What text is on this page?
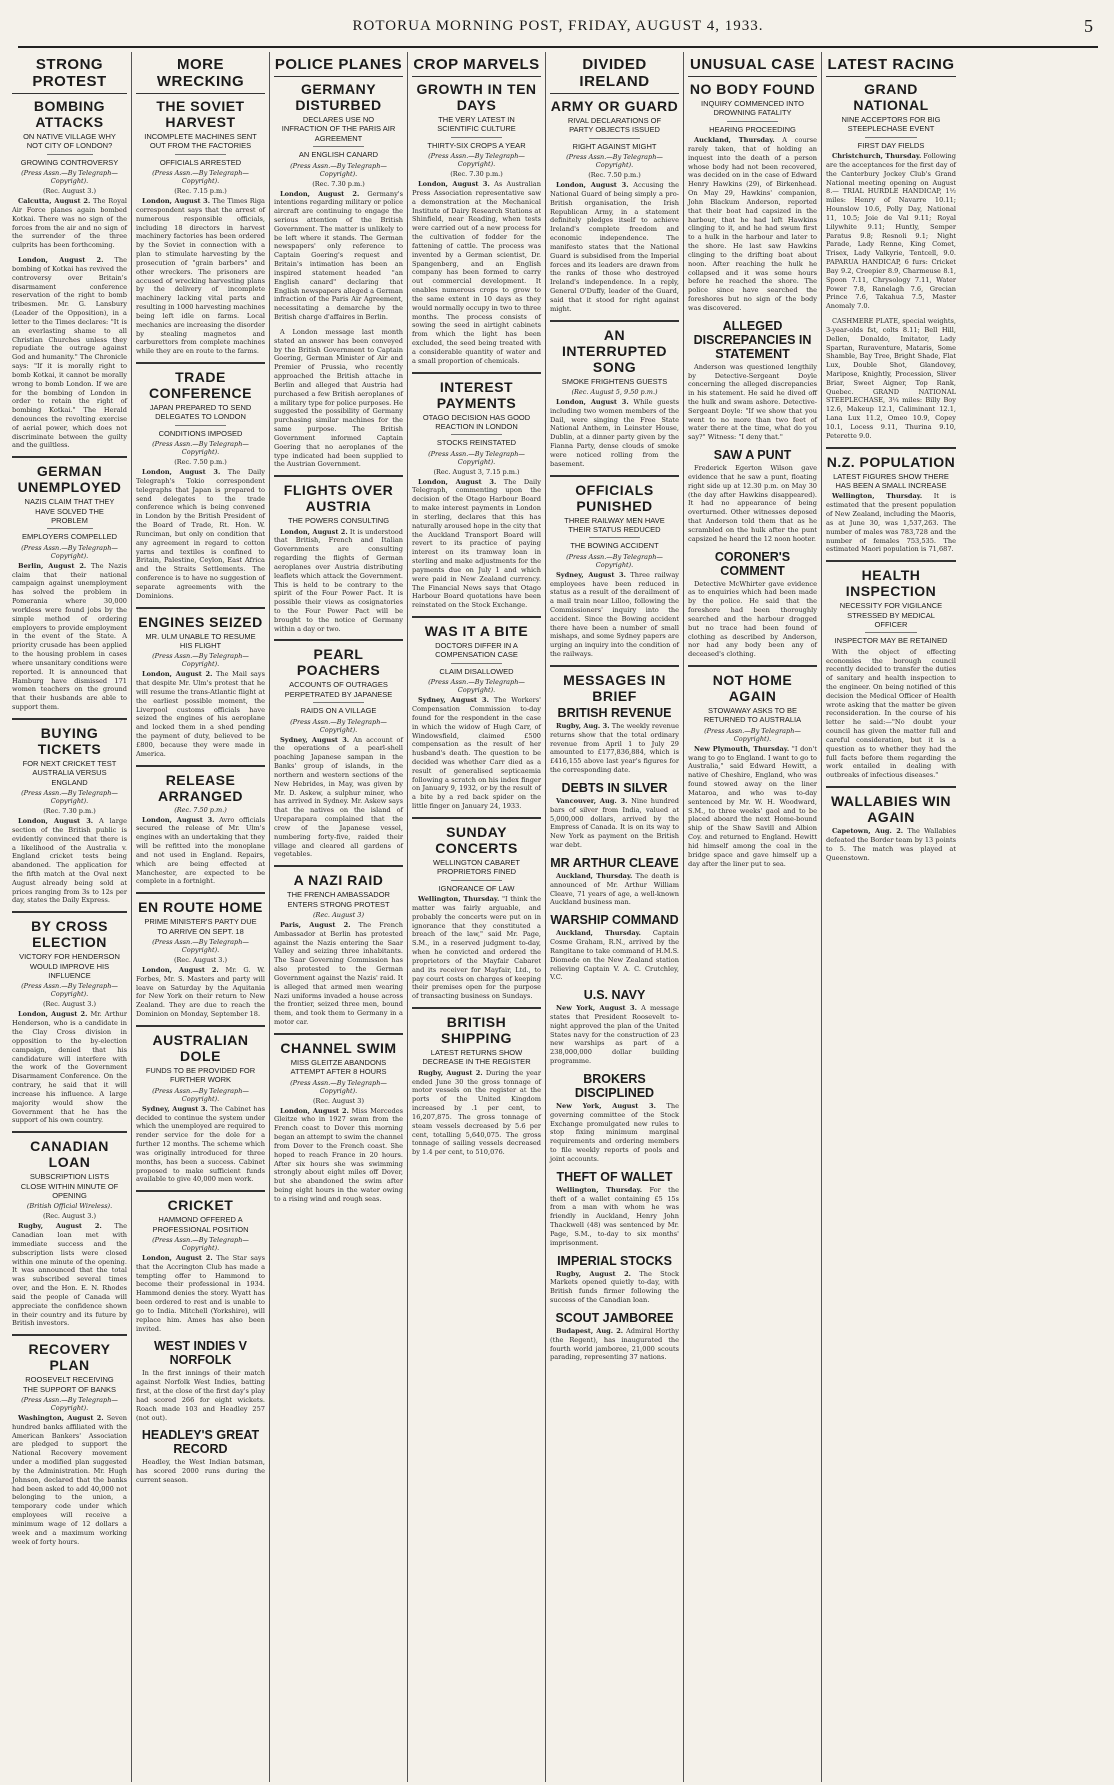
ROTORUA MORNING POST, FRIDAY, AUGUST 4, 1933.	5
STRONG PROTEST
BOMBING ATTACKS
ON NATIVE VILLAGE WHY NOT CITY OF LONDON?
GROWING CONTROVERSY
(Press Assn.—By Telegraph—Copyright).
(Rec. August 3.)

Calcutta, August 2. The Royal Air Force planes again bombed Kotkai. There was no sign of the forces from the air and no sign of the surrender of the three culprits has been forthcoming.

London, August 2. The bombing of Kotkai has revived the controversy over Britain's disarmament conference reservation of the right to bomb tribesmen. Mr. G. Lansbury (Leader of the Opposition), in a letter to the Times declares: "It is an everlasting shame to all Christian Churches unless they repudiate the outrage against God and humanity." The Chronicle says: "If it is morally right to bomb Kotkai, it cannot be morally wrong to bomb London. If we are for the bombing of London in order to retain the right of bombing Kotkai." The Herald denounces the revolting exercise of aerial power, which does not discriminate between the guilty and the guiltless.

GERMAN UNEMPLOYED
NAZIS CLAIM THAT THEY HAVE SOLVED THE PROBLEM
EMPLOYERS COMPELLED
(Press Assn.—By Telegraph—Copyright).

Berlin, August 2. The Nazis claim that their national campaign against unemployment has solved the problem in Pomerania where 30,000 workless were found jobs by the simple method of ordering employers to provide employment in the event of the State. A priority crusade has been applied to the housing problem in cases where unsanitary conditions were reported. It is announced that Hamburg have dismissed 171 women teachers on the ground that their husbands are able to support them.

BUYING TICKETS
FOR NEXT CRICKET TEST AUSTRALIA VERSUS ENGLAND
(Press Assn.—By Telegraph—Copyright).
(Rec. 7.30 p.m.)

London, August 3. A large section of the British public is evidently convinced that there is a likelihood of the Australia v. England cricket tests being abandoned. The application for the fifth match at the Oval next August already being sold at prices ranging from 3s to 12s per day, states the Daily Express.

BY CROSS ELECTION
VICTORY FOR HENDERSON WOULD IMPROVE HIS INFLUENCE
(Press Assn.—By Telegraph—Copyright).
(Rec. August 3.)

London, August 2. Mr. Arthur Henderson, who is a candidate in the Clay Cross division in opposition to the by-election campaign, denied that his candidature will interfere with the work of the Government Disarmament Conference. On the contrary, he said that it will increase his influence. A large majority would show the Government that he has the support of his own country.

CANADIAN LOAN
SUBSCRIPTION LISTS CLOSE WITHIN MINUTE OF OPENING
(British Official Wireless).
(Rec. August 3.)

Rugby, August 2. The Canadian loan met with immediate success and the subscription lists were closed within one minute of the opening. It was announced that the total was subscribed several times over, and the Hon. E. N. Rhodes said the people of Canada will appreciate the confidence shown in their country and its future by British investors.

RECOVERY PLAN
ROOSEVELT RECEIVING THE SUPPORT OF BANKS
(Press Assn.—By Telegraph—Copyright).

Washington, August 2. Seven hundred banks affiliated with the American Bankers' Association are pledged to support the National Recovery movement under a modified plan suggested by the Administration. Mr. Hugh Johnson, declared that the banks had been asked to add 40,000 not belonging to the union, a temporary code under which employees will receive a minimum wage of 12 dollars a week and a maximum working week of forty hours.

MORE WRECKING
THE SOVIET HARVEST
INCOMPLETE MACHINES SENT OUT FROM THE FACTORIES
OFFICIALS ARRESTED
(Press Assn.—By Telegraph—Copyright).
(Rec. 7.15 p.m.)

London, August 3. The Times Riga correspondent says that the arrest of numerous responsible officials, including 18 directors in harvest machinery factories has been ordered by the Soviet in connection with a plan to stimulate harvesting by the prosecution of "grain barbers" and other wreckers. The prisoners are accused of wrecking harvesting plans by the delivery of incomplete machinery lacking vital parts and resulting in 1000 harvesting machines being left idle on farms. Local mechanics are increasing the disorder by stealing magnetos and carburettors from complete machines while they are en route to the farms.

TRADE CONFERENCE
JAPAN PREPARED TO SEND DELEGATES TO LONDON
CONDITIONS IMPOSED
(Press Assn.—By Telegraph—Copyright).
(Rec. 7.50 p.m.)

London, August 3. The Daily Telegraph's Tokio correspondent telegraphs that Japan is prepared to send delegates to the trade conference which is being convened in London by the British President of the Board of Trade, Rt. Hon. W. Runciman, but only on condition that any agreement in regard to cotton yarns and textiles is confined to Britain, Palestine, Ceylon, East Africa and the Straits Settlements. The conference is to have no suggestion of separate agreements with the Dominions.

ENGINES SEIZED
MR. ULM UNABLE TO RESUME HIS FLIGHT
(Press Assn.—By Telegraph—Copyright).

London, August 2. The Mail says that despite Mr. Ulm's protest that he will resume the trans-Atlantic flight at the earliest possible moment, the Liverpool customs officials have seized the engines of his aeroplane and locked them in a shed pending the payment of duty, believed to be £800, because they were made in America.

RELEASE ARRANGED
(Rec. 7.50 p.m.)

London, August 3. Avro officials secured the release of Mr. Ulm's engines with an undertaking that they will be refitted into the monoplane and not used in England. Repairs, which are being effected at Manchester, are expected to be complete in a fortnight.

EN ROUTE HOME
PRIME MINISTER'S PARTY DUE TO ARRIVE ON SEPT. 18
(Press Assn.—By Telegraph—Copyright).
(Rec. August 3.)

London, August 2. Mr. G. W. Forbes, Mr. S. Masters and party will leave on Saturday by the Aquitania for New York on their return to New Zealand. They are due to reach the Dominion on Monday, September 18.

AUSTRALIAN DOLE
FUNDS TO BE PROVIDED FOR FURTHER WORK
(Press Assn.—By Telegraph—Copyright).

Sydney, August 3. The Cabinet has decided to continue the system under which the unemployed are required to render service for the dole for a further 12 months. The scheme which was originally introduced for three months, has been a success. Cabinet proposed to make sufficient funds available to give 40,000 men work.

CRICKET
HAMMOND OFFERED A PROFESSIONAL POSITION
(Press Assn.—By Telegraph—Copyright).

London, August 2. The Star says that the Accrington Club has made a tempting offer to Hammond to become their professional in 1934. Hammond denies the story. Wyatt has been ordered to rest and is unable to go to India. Mitchell (Yorkshire), will replace him. Ames has also been invited.

WEST INDIES V NORFOLK

In the first innings of their match against Norfolk West Indies, batting first, at the close of the first day's play had scored 266 for eight wickets. Roach made 103 and Headley 257 (not out).

HEADLEY'S GREAT RECORD

Headley, the West Indian batsman, has scored 2000 runs during the current season.

POLICE PLANES
GERMANY DISTURBED
DECLARES USE NO INFRACTION OF THE PARIS AIR AGREEMENT
AN ENGLISH CANARD
(Press Assn.—By Telegraph—Copyright).
(Rec. 7.30 p.m.)

London, August 2. Germany's intentions regarding military or police aircraft are continuing to engage the serious attention of the British Government. The matter is unlikely to be left where it stands. The German newspapers' only reference to Captain Goering's request and Britain's intimation has been an inspired statement headed "an English canard" declaring that English newspapers alleged a German infraction of the Paris Air Agreement, necessitating a demarche by the British charge d'affaires in Berlin.

A London message last month stated an answer has been conveyed by the British Government to Captain Goering, German Minister of Air and Premier of Prussia, who recently approached the British attache in Berlin and alleged that Austria had purchased a few British aeroplanes of a military type for police purposes. He suggested the possibility of Germany purchasing similar machines for the same purpose. The British Government informed Captain Goering that no aeroplanes of the type indicated had been supplied to the Austrian Government.

FLIGHTS OVER AUSTRIA
THE POWERS CONSULTING

London, August 2. It is understood that British, French and Italian Governments are consulting regarding the flights of German aeroplanes over Austria distributing leaflets which attack the Government. This is held to be contrary to the spirit of the Four Power Pact. It is possible their views as cosignatories to the Four Power Pact will be brought to the notice of Germany within a day or two.

PEARL POACHERS
ACCOUNTS OF OUTRAGES PERPETRATED BY JAPANESE
RAIDS ON A VILLAGE
(Press Assn.—By Telegraph—Copyright).

Sydney, August 3. An account of the operations of a pearl-shell poaching Japanese sampan in the Banks' group of islands, in the northern and western sections of the New Hebrides, in May, was given by Mr. D. Askew, a sulphur miner, who has arrived in Sydney. Mr. Askew says that the natives on the island of Ureparapara complained that the crew of the Japanese vessel, numbering forty-five, raided their village and cleared all gardens of vegetables.

A NAZI RAID
THE FRENCH AMBASSADOR ENTERS STRONG PROTEST
(Rec. August 3)

Paris, August 2. The French Ambassador at Berlin has protested against the Nazis entering the Saar Valley and seizing three inhabitants. The Saar Governing Commission has also protested to the German Government against the Nazis' raid. It is alleged that armed men wearing Nazi uniforms invaded a house across the frontier, seized three men, bound them, and took them to Germany in a motor car.

CHANNEL SWIM
MISS GLEITZE ABANDONS ATTEMPT AFTER 8 HOURS
(Press Assn.—By Telegraph—Copyright).
(Rec. August 3)

London, August 2. Miss Mercedes Gleitze who in 1927 swam from the French coast to Dover this morning began an attempt to swim the channel from Dover to the French coast. She hoped to reach France in 20 hours. After six hours she was swimming strongly about eight miles off Dover, but she abandoned the swim after being eight hours in the water owing to a rising wind and rough seas.

CROP MARVELS
GROWTH IN TEN DAYS
THE VERY LATEST IN SCIENTIFIC CULTURE
THIRTY-SIX CROPS A YEAR
(Press Assn.—By Telegraph—Copyright).
(Rec. 7.30 p.m.)

London, August 3. As Australian Press Association representative saw a demonstration at the Mechanical Institute of Dairy Research Stations at Shinfield, near Reading, when tests were carried out of a new process for the cultivation of fodder for the fattening of cattle. The process was invented by a German scientist, Dr. Spangenberg, and an English company has been formed to carry out commercial development. It enables numerous crops to grow to the same extent in 10 days as they would normally occupy in two to three months. The process consists of sowing the seed in airtight cabinets from which the light has been excluded, the seed being treated with a considerable quantity of water and a small proportion of chemicals.

INTEREST PAYMENTS
OTAGO DECISION HAS GOOD REACTION IN LONDON
STOCKS REINSTATED
(Press Assn.—By Telegraph—Copyright).
(Rec. August 3, 7.15 p.m.)

London, August 3. The Daily Telegraph, commenting upon the decision of the Otago Harbour Board to make interest payments in London in sterling, declares that this has naturally aroused hope in the city that the Auckland Transport Board will revert to its practice of paying interest on its tramway loan in sterling and make adjustments for the payments due on July 1 and which were paid in New Zealand currency. The Financial News says that Otago Harbour Board quotations have been reinstated on the Stock Exchange.

WAS IT A BITE
DOCTORS DIFFER IN A COMPENSATION CASE
CLAIM DISALLOWED
(Press Assn.—By Telegraph—Copyright).

Sydney, August 3. The Workers' Compensation Commission to-day found for the respondent in the case in which the widow of Hugh Carr, of Windowsfield, claimed £500 compensation as the result of her husband's death. The question to be decided was whether Carr died as a result of generalised septicaemia following a scratch on his index finger on January 9, 1932, or by the result of a bite by a red back spider on the little finger on January 24, 1933.

SUNDAY CONCERTS
WELLINGTON CABARET PROPRIETORS FINED
IGNORANCE OF LAW

Wellington, Thursday. "I think the matter was fairly arguable, and probably the concerts were put on in ignorance that they constituted a breach of the law," said Mr. Page, S.M., in a reserved judgment to-day, when he convicted and ordered the proprietors of the Mayfair Cabaret and its receiver for Mayfair, Ltd., to pay court costs on charges of keeping their premises open for the purpose of transacting business on Sundays.

BRITISH SHIPPING
LATEST RETURNS SHOW DECREASE IN THE REGISTER

Rugby, August 2. During the year ended June 30 the gross tonnage of motor vessels on the register at the ports of the United Kingdom increased by .1 per cent, to 16,207,875. The gross tonnage of steam vessels decreased by 5.6 per cent, totalling 5,640,075. The gross tonnage of sailing vessels decreased by 1.4 per cent, to 510,076.

DIVIDED IRELAND
ARMY OR GUARD
RIVAL DECLARATIONS OF PARTY OBJECTS ISSUED
RIGHT AGAINST MIGHT
(Press Assn.—By Telegraph—Copyright).
(Rec. 7.50 p.m.)

London, August 3. Accusing the National Guard of being simply a pro-British organisation, the Irish Republican Army, in a statement definitely pledges itself to achieve Ireland's complete freedom and economic independence. The manifesto states that the National Guard is subsidised from the Imperial forces and its leaders are drawn from the ranks of those who destroyed Ireland's independence. In a reply, General O'Duffy, leader of the Guard, said that it stood for right against might.

AN INTERRUPTED SONG
SMOKE FRIGHTENS GUESTS
(Rec. August 5, 9.50 p.m.)

London, August 3. While guests including two women members of the Dail, were singing the Free State National Anthem, in Leinster House, Dublin, at a dinner party given by the Fianna Party, dense clouds of smoke were noticed rolling from the basement.

OFFICIALS PUNISHED
THREE RAILWAY MEN HAVE THEIR STATUS REDUCED
THE BOWING ACCIDENT
(Press Assn.—By Telegraph—Copyright).

Sydney, August 3. Three railway employees have been reduced in status as a result of the derailment of a mail train near Lilloo, following the Commissioners' inquiry into the accident. Since the Bowing accident there have been a number of small mishaps, and some Sydney papers are urging an inquiry into the condition of the railways.

MESSAGES IN BRIEF
BRITISH REVENUE

Rugby, Aug. 3. The weekly revenue returns show that the total ordinary revenue from April 1 to July 29 amounted to £177,836,884, which is £416,155 above last year's figures for the corresponding date.

DEBTS IN SILVER

Vancouver, Aug. 3. Nine hundred bars of silver from India, valued at 5,000,000 dollars, arrived by the Empress of Canada. It is on its way to New York as payment on the British war debt.

MR ARTHUR CLEAVE

Auckland, Thursday. The death is announced of Mr. Arthur William Cleave, 71 years of age, a well-known Auckland business man.

WARSHIP COMMAND

Auckland, Thursday. Captain Cosme Graham, R.N., arrived by the Rangitane to take command of H.M.S. Diomede on the New Zealand station relieving Captain V. A. C. Crutchley, V.C.

U.S. NAVY

New York, August 3. A message states that President Roosevelt to-night approved the plan of the United States navy for the construction of 23 new warships as part of a 238,000,000 dollar building programme.

BROKERS DISCIPLINED

New York, August 3. The governing committee of the Stock Exchange promulgated new rules to stop fixing minimum marginal requirements and ordering members to file weekly reports of pools and joint accounts.

THEFT OF WALLET

Wellington, Thursday. For the theft of a wallet containing £5 15s from a man with whom he was friendly in Auckland, Henry John Thackwell (48) was sentenced by Mr. Page, S.M., to-day to six months' imprisonment.

IMPERIAL STOCKS

Rugby, August 2. The Stock Markets opened quietly to-day, with British funds firmer following the success of the Canadian loan.

SCOUT JAMBOREE

Budapest, Aug. 2. Admiral Horthy (the Regent), has inaugurated the fourth world jamboree, 21,000 scouts parading, representing 37 nations.

UNUSUAL CASE
NO BODY FOUND
INQUIRY COMMENCED INTO DROWNING FATALITY
HEARING PROCEEDING

Auckland, Thursday. A course rarely taken, that of holding an inquest into the death of a person whose body had not been recovered, was decided on in the case of Edward Henry Hawkins (29), of Birkenhead. On May 29, Hawkins' companion, John Blackum Anderson, reported that their boat had capsized in the harbour, that he had left Hawkins clinging to it, and he had swum first to a hulk in the harbour and later to the shore. He last saw Hawkins clinging to the drifting boat about noon. After reaching the hulk he collapsed and it was some hours before he reached the shore. The police since have searched the foreshores but no sign of the body was discovered.

ALLEGED DISCREPANCIES IN STATEMENT

Anderson was questioned lengthily by Detective-Sergeant Doyle concerning the alleged discrepancies in his statement. He said he dived off the hulk and swam ashore. Detective-Sergeant Doyle: "If we show that you went to no more than two feet of water there at the time, what do you say?" Witness: "I deny that."

SAW A PUNT

Frederick Egerton Wilson gave evidence that he saw a punt, floating right side up at 12.30 p.m. on May 30 (the day after Hawkins disappeared). It had no appearance of being overturned. Other witnesses deposed that Anderson told them that as he scrambled on the hulk after the punt capsized he heard the 12 noon hooter.

CORONER'S COMMENT

Detective McWhirter gave evidence as to enquiries which had been made by the police. He said that the foreshore had been thoroughly searched and the harbour dragged but no trace had been found of clothing as described by Anderson, nor had any body been any of deceased's clothing.

NOT HOME AGAIN
STOWAWAY ASKS TO BE RETURNED TO AUSTRALIA
(Press Assn.—By Telegraph—Copyright).

New Plymouth, Thursday. "I don't wang to go to England. I want to go to Australia," said Edward Hewitt, a native of Cheshire, England, who was found stowed away on the liner Mataroa, and who was to-day sentenced by Mr. W. H. Woodward, S.M., to three weeks' gaol and to be placed aboard the next Home-bound ship of the Shaw Savill and Albion Coy. and returned to England. Hewitt hid himself among the coal in the bridge space and gave himself up a day after the liner put to sea.

LATEST RACING
GRAND NATIONAL
NINE ACCEPTORS FOR BIG STEEPLECHASE EVENT
FIRST DAY FIELDS

Christchurch, Thursday. Following are the acceptances for the first day of the Canterbury Jockey Club's Grand National meeting opening on August 8.— TRIAL HURDLE HANDICAP, 1½ miles: Henry of Navarre 10.11; Hounslow 10.6, Polly Day, National 11, 10.5; Joie de Val 9.11; Royal Lilywhite 9.11; Huntly, Semper Paratus 9.8; Resnoli 9.1; Night Parade, Lady Renne, King Comet, Trisex, Lady Valkyrie, Tentcell, 9.0. PAPARUA HANDICAP, 6 furs: Cricket Bay 9.2, Creepier 8.9, Charmeuse 8.1, Spoon 7.11, Chrysology 7.11, Water Power 7.8, Ranelagh 7.6, Grecian Prince 7.6, Takahua 7.5, Master Anomaly 7.0.

CASHMERE PLATE, special weights, 3-year-olds fst, colts 8.11; Bell Hill, Dellen, Donaldo, Imitator, Lady Spartan, Ruraventure, Mataris, Some Shamble, Bay Tree, Bright Shade, Flat Lux, Double Shot, Glandovey, Maripose, Knightly, Procession, Sliver Briar, Sweet Aigner, Top Rank, Quebec. GRAND NATIONAL STEEPLECHASE, 3¼ miles: Billy Boy 12.6, Makeup 12.1, Caliminant 12.1, Lana Lux 11.2, Omeo 10.9, Copey 10.1, Locess 9.11, Thurina 9.10, Peterette 9.0.

N.Z. POPULATION
LATEST FIGURES SHOW THERE HAS BEEN A SMALL INCREASE

Wellington, Thursday. It is estimated that the present population of New Zealand, including the Maoris, as at June 30, was 1,537,263. The number of males was 783,728 and the number of females 753,535. The estimated Maori population is 71,687.

HEALTH INSPECTION
NECESSITY FOR VIGILANCE STRESSED BY MEDICAL OFFICER
INSPECTOR MAY BE RETAINED

With the object of effecting economies the borough council recently decided to transfer the duties of sanitary and health inspection to the engineer. On being notified of this decision the Medical Officer of Health wrote asking that the matter be given reconsideration. In the course of his letter he said:—"No doubt your council has given the matter full and careful consideration, but it is a question as to whether they had the full facts before them regarding the work entailed in dealing with outbreaks of infectious diseases."

WALLABIES WIN AGAIN

Capetown, Aug. 2. The Wallabies defeated the Border team by 13 points to 5. The match was played at Queenstown.
